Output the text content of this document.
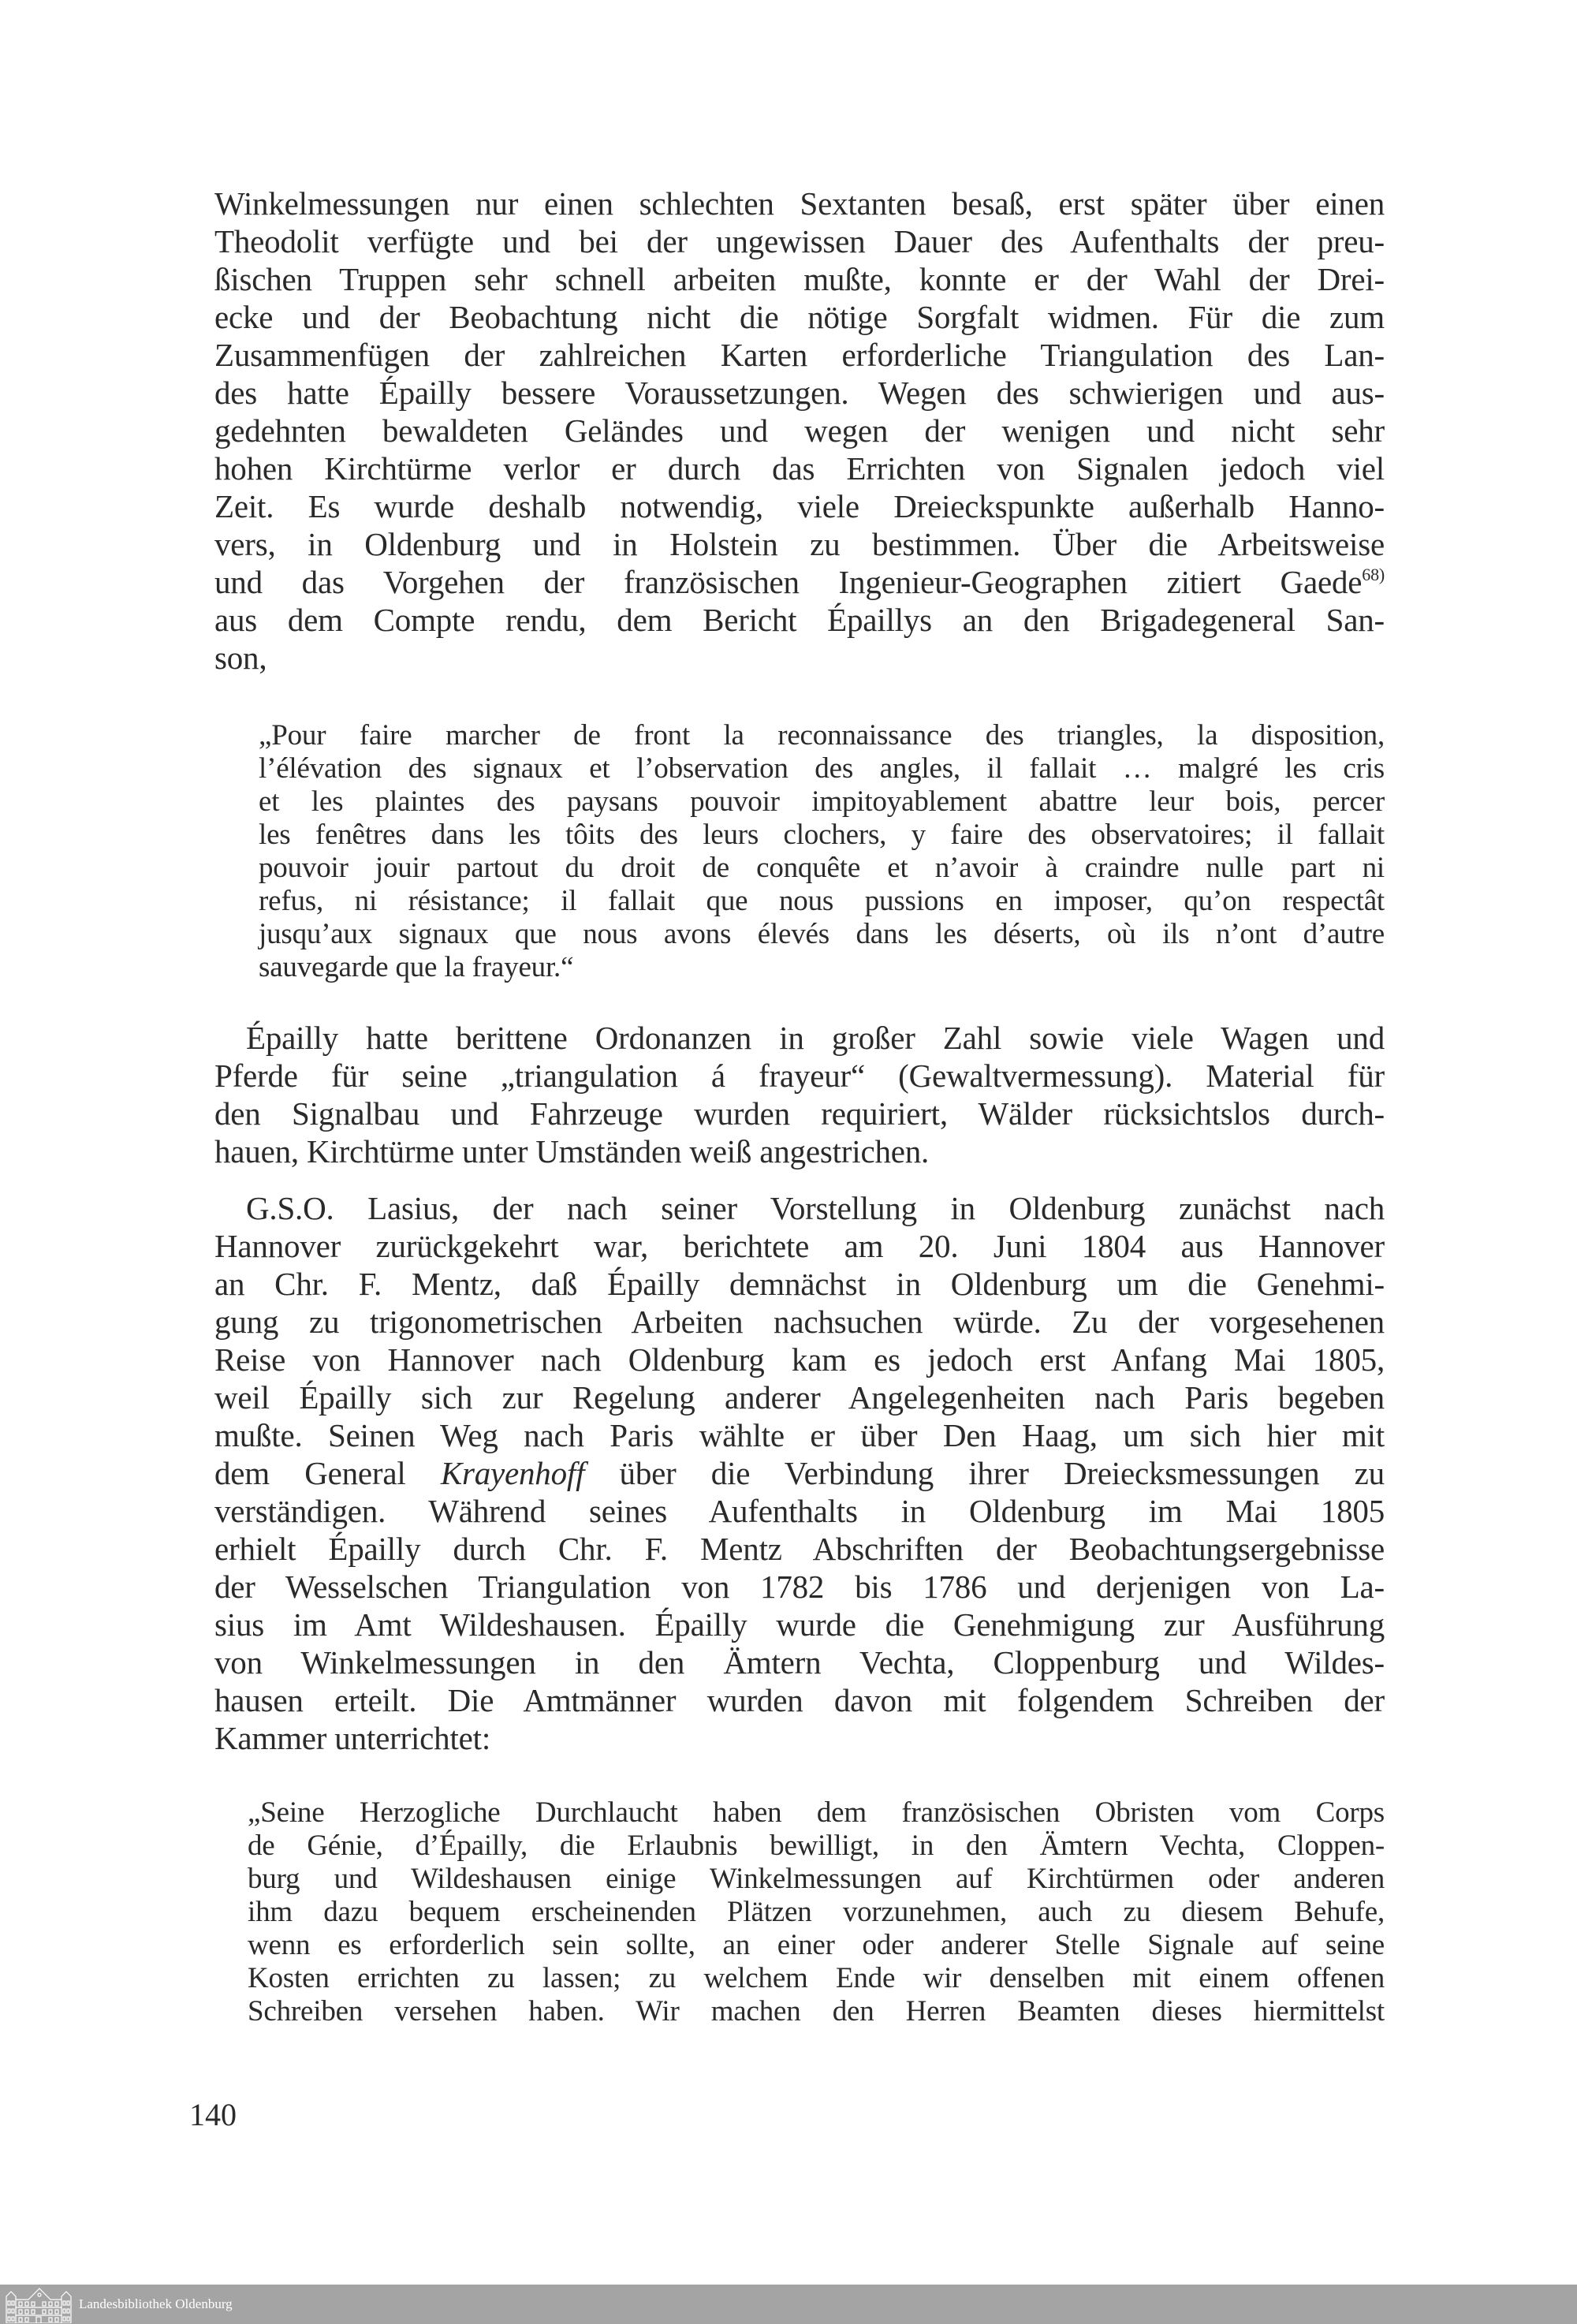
Winkelmessungen nur einen schlechten Sextanten besaß, erst später über einen
Theodolit verfügte und bei der ungewissen Dauer des Aufenthalts der preu-
ßischen Truppen sehr schnell arbeiten mußte, konnte er der Wahl der Drei-
ecke und der Beobachtung nicht die nötige Sorgfalt widmen. Für die zum
Zusammenfügen der zahlreichen Karten erforderliche Triangulation des Lan-
des hatte Épailly bessere Voraussetzungen. Wegen des schwierigen und aus-
gedehnten bewaldeten Geländes und wegen der wenigen und nicht sehr
hohen Kirchtürme verlor er durch das Errichten von Signalen jedoch viel
Zeit. Es wurde deshalb notwendig, viele Dreieckspunkte außerhalb Hanno-
vers, in Oldenburg und in Holstein zu bestimmen. Über die Arbeitsweise
und das Vorgehen der französischen Ingenieur-Geographen zitiert Gaede$^{68)}$
aus dem Compte rendu, dem Bericht Épaillys an den Brigadegeneral San-
son,
„Pour faire marcher de front la reconnaissance des triangles, la disposition,
l’élévation des signaux et l’observation des angles, il fallait … malgré les cris
et les plaintes des paysans pouvoir impitoyablement abattre leur bois, percer
les fenêtres dans les tôits des leurs clochers, y faire des observatoires; il fallait
pouvoir jouir partout du droit de conquête et n’avoir à craindre nulle part ni
refus, ni résistance; il fallait que nous pussions en imposer, qu’on respectât
jusqu’aux signaux que nous avons élevés dans les déserts, où ils n’ont d’autre
sauvegarde que la frayeur.“
Épailly hatte berittene Ordonanzen in großer Zahl sowie viele Wagen und
Pferde für seine „triangulation á frayeur“ (Gewaltvermessung). Material für
den Signalbau und Fahrzeuge wurden requiriert, Wälder rücksichtslos durch-
hauen, Kirchtürme unter Umständen weiß angestrichen.
G.S.O. Lasius, der nach seiner Vorstellung in Oldenburg zunächst nach
Hannover zurückgekehrt war, berichtete am 20. Juni 1804 aus Hannover
an Chr. F. Mentz, daß Épailly demnächst in Oldenburg um die Genehmi-
gung zu trigonometrischen Arbeiten nachsuchen würde. Zu der vorgesehenen
Reise von Hannover nach Oldenburg kam es jedoch erst Anfang Mai 1805,
weil Épailly sich zur Regelung anderer Angelegenheiten nach Paris begeben
mußte. Seinen Weg nach Paris wählte er über Den Haag, um sich hier mit
dem General Krayenhoff über die Verbindung ihrer Dreiecksmessungen zu
verständigen. Während seines Aufenthalts in Oldenburg im Mai 1805
erhielt Épailly durch Chr. F. Mentz Abschriften der Beobachtungsergebnisse
der Wesselschen Triangulation von 1782 bis 1786 und derjenigen von La-
sius im Amt Wildeshausen. Épailly wurde die Genehmigung zur Ausführung
von Winkelmessungen in den Ämtern Vechta, Cloppenburg und Wildes-
hausen erteilt. Die Amtmänner wurden davon mit folgendem Schreiben der
Kammer unterrichtet:
„Seine Herzogliche Durchlaucht haben dem französischen Obristen vom Corps
de Génie, d’Épailly, die Erlaubnis bewilligt, in den Ämtern Vechta, Cloppen-
burg und Wildeshausen einige Winkelmessungen auf Kirchtürmen oder anderen
ihm dazu bequem erscheinenden Plätzen vorzunehmen, auch zu diesem Behufe,
wenn es erforderlich sein sollte, an einer oder anderer Stelle Signale auf seine
Kosten errichten zu lassen; zu welchem Ende wir denselben mit einem offenen
Schreiben versehen haben. Wir machen den Herren Beamten dieses hiermittelst
140
Landesbibliothek Oldenburg
